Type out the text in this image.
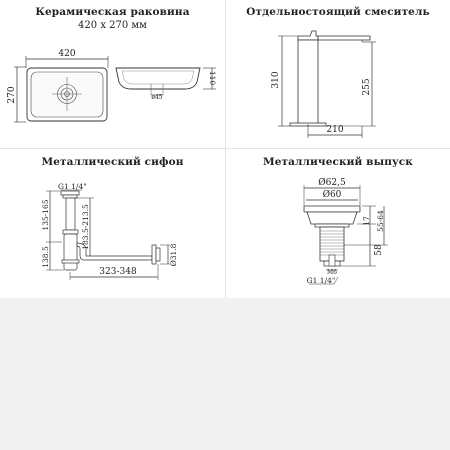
Керамическая раковина
420 x 270 мм
420
270	ø45
110
Отдельностоящий смеситель
310	255
210
Металлический сифон
G1 1/4"
135-165
138.5
183.5-213.5
323-348
Ø31.8
Металлический выпуск
Ø62,5
Ø60
M6
G1 1/4"
17 55-64
58
